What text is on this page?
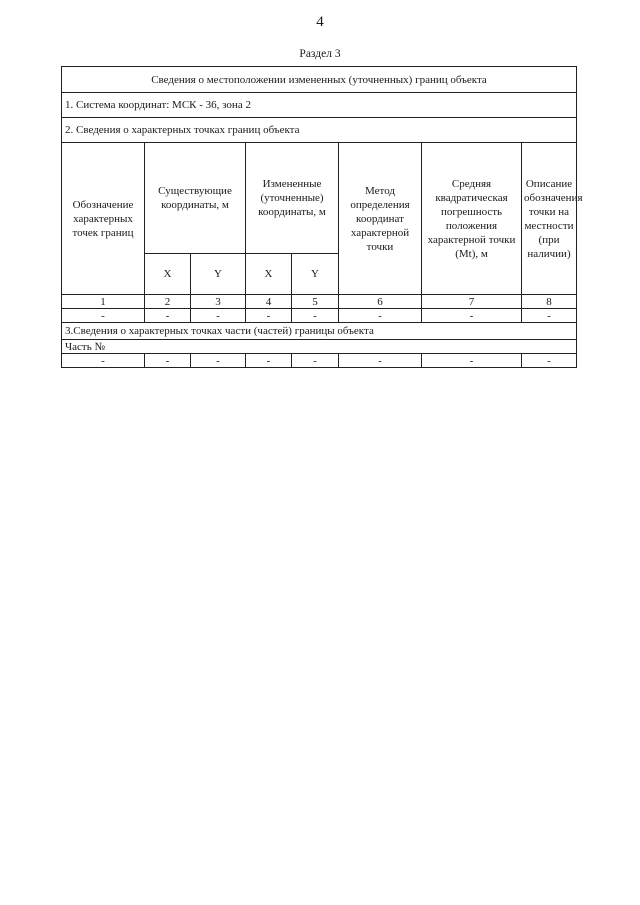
4
Раздел 3
Сведения о местоположении измененных (уточненных) границ объекта							
1. Система координат: МСК - 36, зона 2							
2. Сведения о характерных точках границ объекта							
Обозначение характерных точек границ	Существующие координаты, м		Измененные (уточненные) координаты, м		Метод определения координат характерной точки	Средняя квадратическая погрешность положения характерной точки (Mt), м	Описание обозначения точки на местности (при наличии)
	X	Y	X	Y			
1	2	3	4	5	6	7	8
-	-	-	-	-	-	-	-
3.Сведения о характерных точках части (частей) границы объекта							
Часть №							
-	-	-	-	-	-	-	-
